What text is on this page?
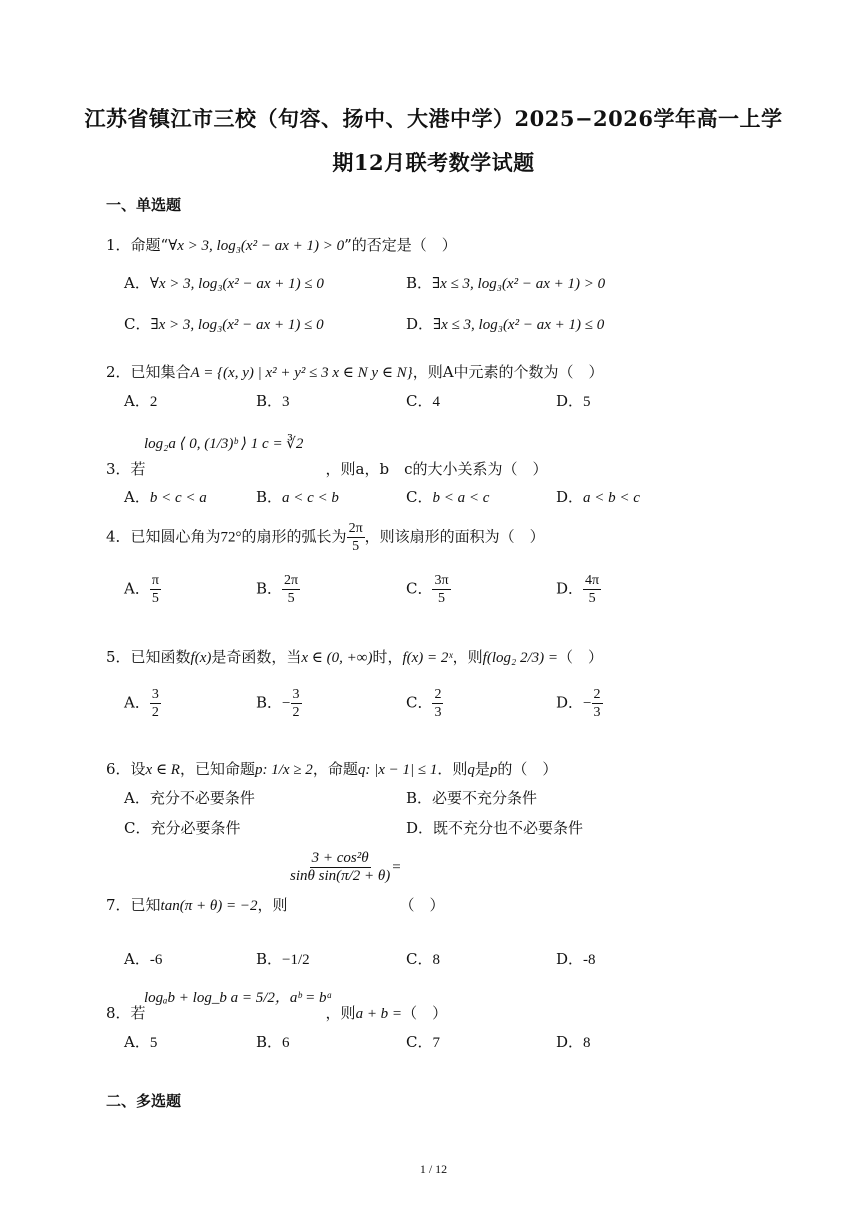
江苏省镇江市三校（句容、扬中、大港中学）2025−2026学年高一上学
期12月联考数学试题
一、单选题
1．命题“∀x > 3, log₃(x² − ax + 1) > 0”的否定是（　）
A．∀x > 3, log₃(x² − ax + 1) ≤ 0	B．∃x ≤ 3, log₃(x² − ax + 1) > 0
C．∃x > 3, log₃(x² − ax + 1) ≤ 0	D．∃x ≤ 3, log₃(x² − ax + 1) ≤ 0
2．已知集合A = {(x, y) | x² + y² ≤ 3 x ∈ N y ∈ N}，则A中元素的个数为（　）
A．2	B．3	C．4	D．5
log₂a ⟨ 0, (1/3)ᵇ ⟩ 1 c = ∛2
3．若	，则a，b　c的大小关系为（　）
A．b < c < a	B．a < c < b	C．b < a < c	D．a < b < c
4．已知圆心角为72°的扇形的弧长为 $\frac{2\pi}{5}$ ，则该扇形的面积为（　）
A． $\frac{\pi}{5}$	B． $\frac{2\pi}{5}$	C． $\frac{3\pi}{5}$	D． $\frac{4\pi}{5}$
5．已知函数f(x)是奇函数，当x ∈ (0, +∞)时，f(x) = 2ˣ，则f(log₂ 2/3) =（　）
A． $\frac{3}{2}$	B．− $\frac{3}{2}$	C． $\frac{2}{3}$	D．− $\frac{2}{3}$
6．设x ∈ R，已知命题p: 1/x ≥ 2，命题q: |x − 1| ≤ 1．则q是p的（　）
A．充分不必要条件	B．必要不充分条件
C．充分必要条件	D．既不充分也不必要条件
$\frac{\text{3 + cos²θ}}{\text{sinθ sin(π/2 + θ)}}$ =
7．已知tan(π + θ) = −2，则	（　）
A．-6	B．−1/2	C．8	D．-8
logₐb + log_b a = 5/2，aᵇ = bᵃ
8．若	，则a + b =（　）
A．5	B．6	C．7	D．8
二、多选题
1 / 12
